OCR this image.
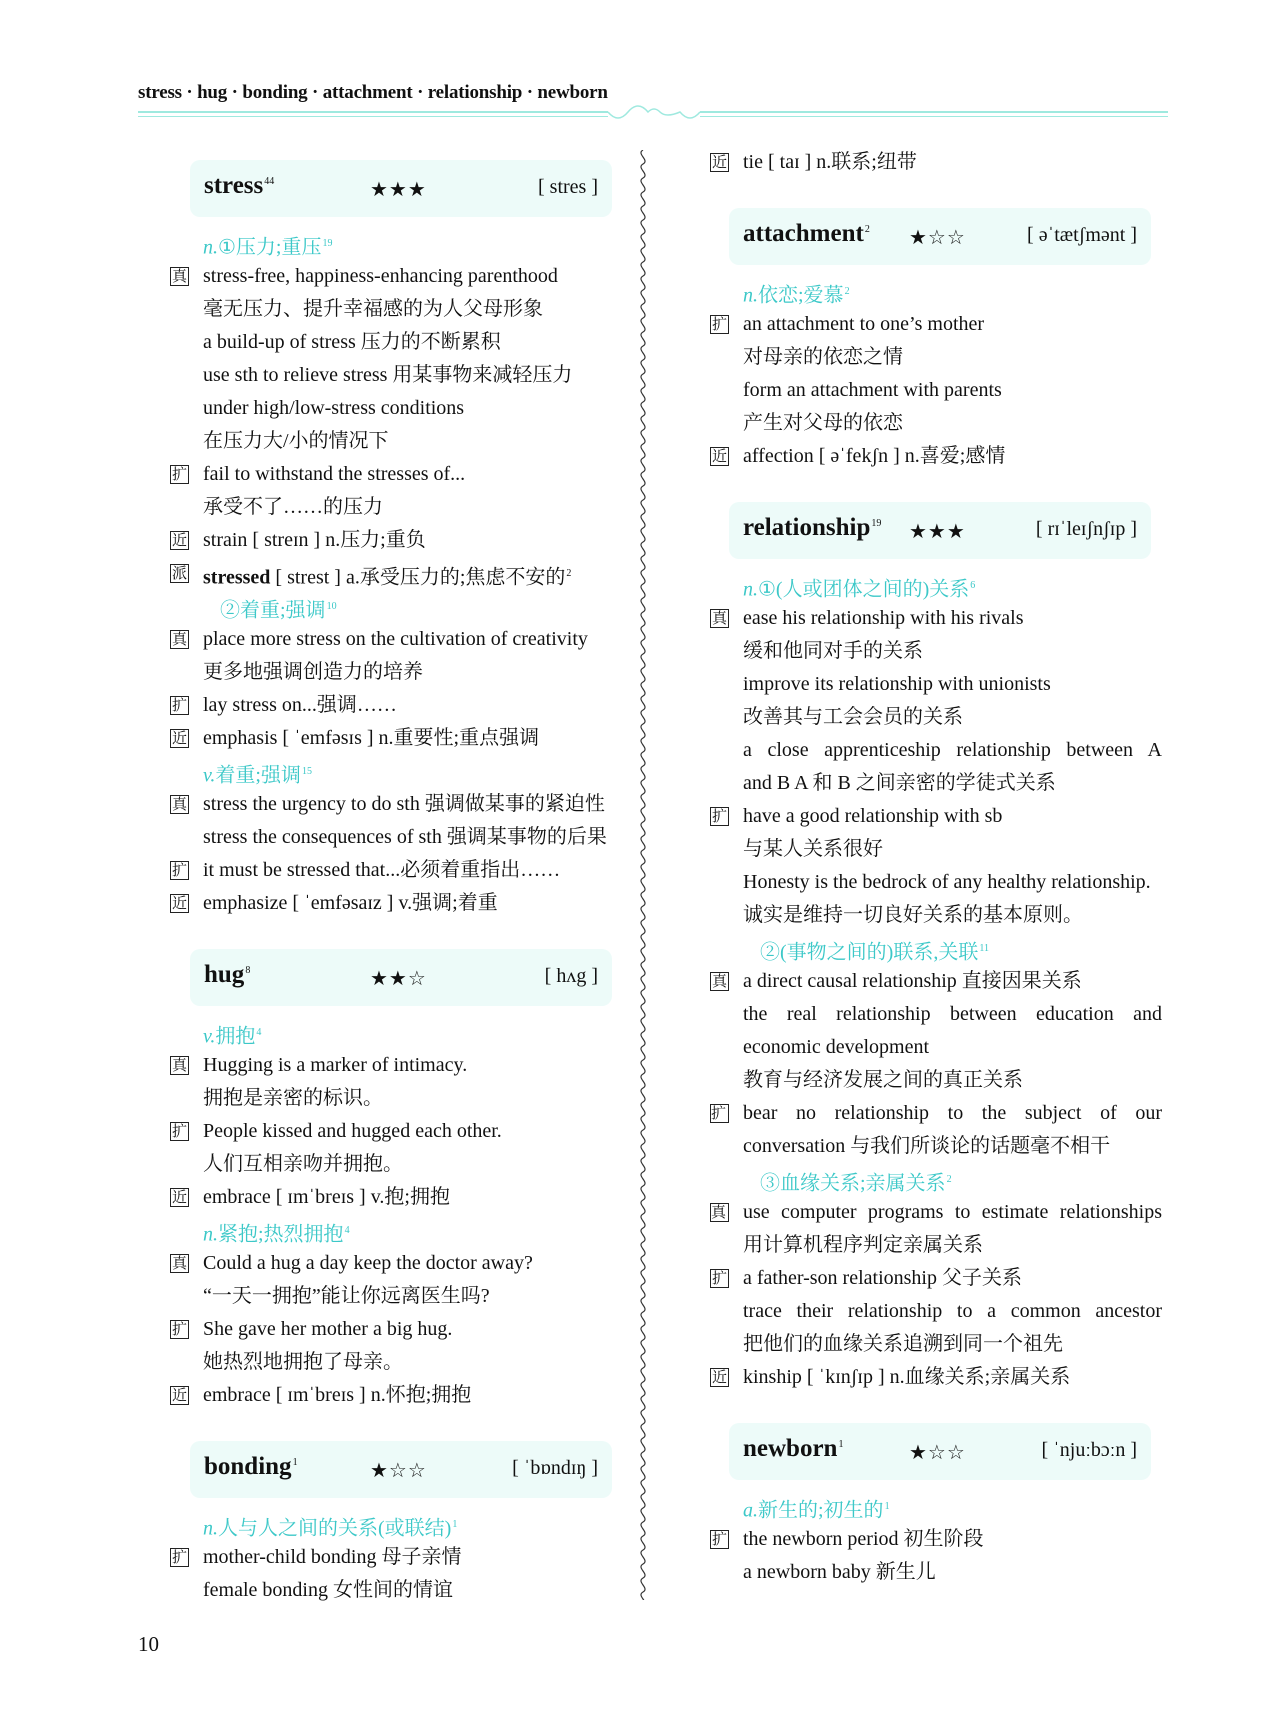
stress · hug · bonding · attachment · relationship · newborn
stress$^{44}$	★★★	[ stres ]
n.①压力;重压$^{19}$
真 stress-free, happiness-enhancing parenthood
毫无压力、提升幸福感的为人父母形象
a build-up of stress 压力的不断累积
use sth to relieve stress 用某事物来减轻压力
under high/low-stress conditions
在压力大/小的情况下
扩 fail to withstand the stresses of...
承受不了……的压力
近 strain [ streɪn ] n.压力;重负
派 stressed [ strest ] a.承受压力的;焦虑不安的$^2$
②着重;强调$^{10}$
真 place more stress on the cultivation of creativity
更多地强调创造力的培养
扩 lay stress on...强调……
近 emphasis [ ˈemfəsɪs ] n.重要性;重点强调
v.着重;强调$^{15}$
真 stress the urgency to do sth 强调做某事的紧迫性
stress the consequences of sth 强调某事物的后果
扩 it must be stressed that...必须着重指出……
近 emphasize [ ˈemfəsaɪz ] v.强调;着重
hug$^8$	★★☆	[ hʌg ]
v.拥抱$^4$
真 Hugging is a marker of intimacy.
拥抱是亲密的标识。
扩 People kissed and hugged each other.
人们互相亲吻并拥抱。
近 embrace [ ɪmˈbreɪs ] v.抱;拥抱
n.紧抱;热烈拥抱$^4$
真 Could a hug a day keep the doctor away?
“一天一拥抱”能让你远离医生吗?
扩 She gave her mother a big hug.
她热烈地拥抱了母亲。
近 embrace [ ɪmˈbreɪs ] n.怀抱;拥抱
bonding$^1$	★☆☆	[ ˈbɒndɪŋ ]
n.人与人之间的关系(或联结)$^1$
扩 mother-child bonding 母子亲情
female bonding 女性间的情谊
近 tie [ taɪ ] n.联系;纽带
attachment$^2$ ★☆☆	[ əˈtætʃmənt ]
n.依恋;爱慕$^2$
扩 an attachment to one’s mother
对母亲的依恋之情
form an attachment with parents
产生对父母的依恋
近 affection [ əˈfekʃn ] n.喜爱;感情
relationship$^{19}$ ★★★	[ rɪˈleɪʃnʃɪp ]
n.①(人或团体之间的)关系$^6$
真 ease his relationship with his rivals
缓和他同对手的关系
improve its relationship with unionists
改善其与工会会员的关系
a close apprenticeship relationship between A
and B A 和 B 之间亲密的学徒式关系
扩 have a good relationship with sb
与某人关系很好
Honesty is the bedrock of any healthy relationship.
诚实是维持一切良好关系的基本原则。
②(事物之间的)联系,关联$^{11}$
真 a direct causal relationship 直接因果关系
the real relationship between education and
economic development
教育与经济发展之间的真正关系
扩 bear no relationship to the subject of our
conversation 与我们所谈论的话题毫不相干
③血缘关系;亲属关系$^2$
真 use computer programs to estimate relationships
用计算机程序判定亲属关系
扩 a father-son relationship 父子关系
trace their relationship to a common ancestor
把他们的血缘关系追溯到同一个祖先
近 kinship [ ˈkɪnʃɪp ] n.血缘关系;亲属关系
newborn$^1$	★☆☆	[ ˈnjuːbɔːn ]
a.新生的;初生的$^1$
扩 the newborn period 初生阶段
a newborn baby 新生儿
10
